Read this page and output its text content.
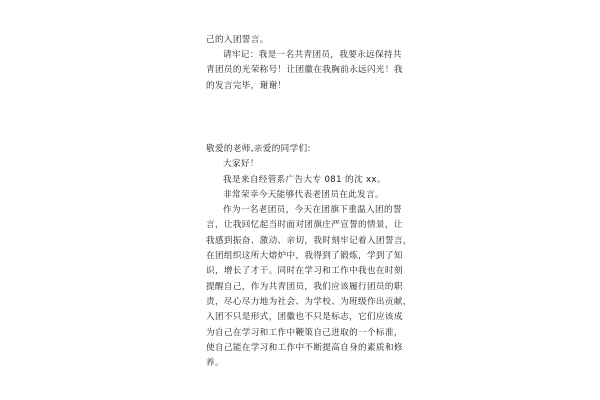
己的入团誓言。
请牢记：我是一名共青团员，我要永远保持共
青团员的光荣称号！让团徽在我胸前永远闪光！我
的发言完毕，谢谢！
敬爱的老师,亲爱的同学们:
大家好！
我是来自经管系广告大专 081 的沈 xx。
非常荣幸今天能够代表老团员在此发言。
作为一名老团员，今天在团旗下重温入团的誓
言，让我回忆起当时面对团旗庄严宣誓的情景，让
我感到振奋、激动、亲切，我时刻牢记着入团誓言，
在团组织这所大熔炉中，我得到了锻炼，学到了知
识，增长了才干。同时在学习和工作中我也在时刻
提醒自己，作为共青团员，我们应该履行团员的职
责，尽心尽力地为社会、为学校、为班级作出贡献，
入团不只是形式，团徽也不只是标志，它们应该成
为自己在学习和工作中鞭策自己进取的一个标准，
使自己能在学习和工作中不断提高自身的素质和修
养。
